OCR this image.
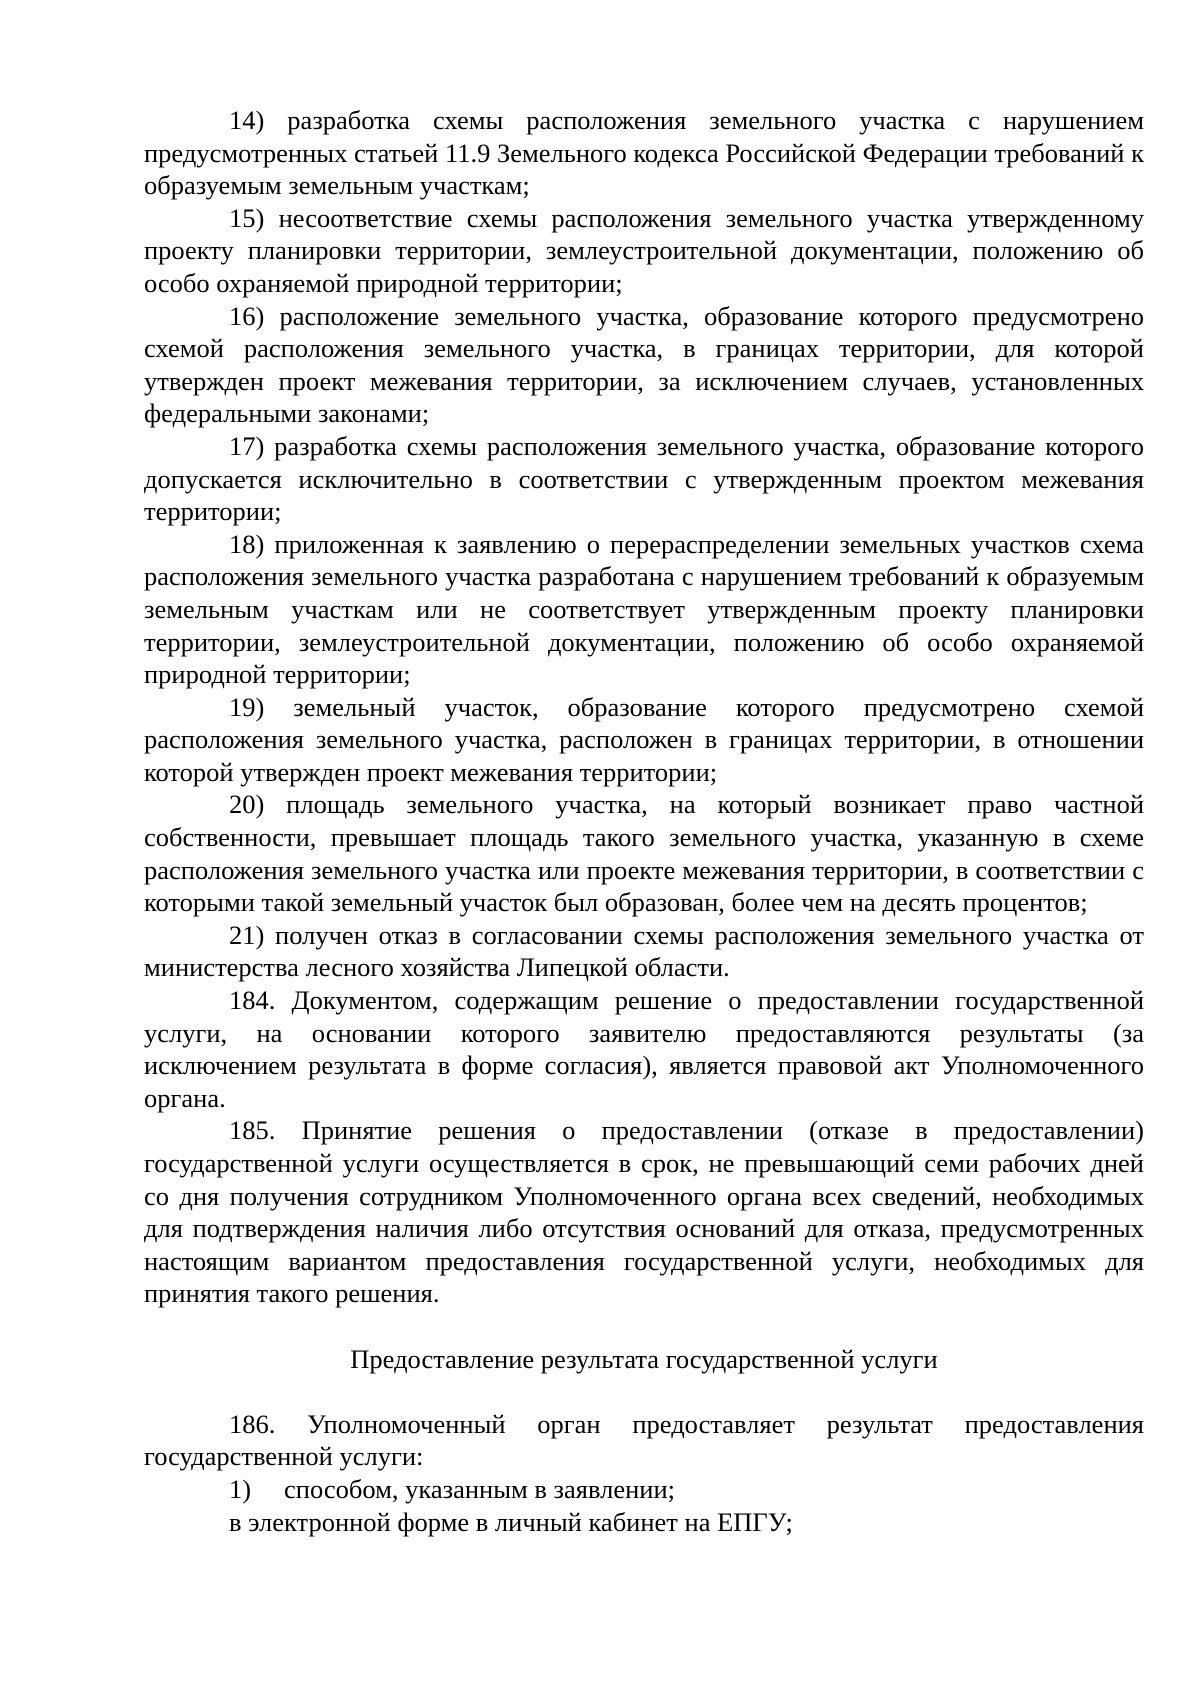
14) разработка схемы расположения земельного участка с нарушением предусмотренных статьей 11.9 Земельного кодекса Российской Федерации требований к образуемым земельным участкам;

15) несоответствие схемы расположения земельного участка утвержденному проекту планировки территории, землеустроительной документации, положению об особо охраняемой природной территории;

16) расположение земельного участка, образование которого предусмотрено схемой расположения земельного участка, в границах территории, для которой утвержден проект межевания территории, за исключением случаев, установленных федеральными законами;

17) разработка схемы расположения земельного участка, образование которого допускается исключительно в соответствии с утвержденным проектом межевания территории;

18) приложенная к заявлению о перераспределении земельных участков схема расположения земельного участка разработана с нарушением требований к образуемым земельным участкам или не соответствует утвержденным проекту планировки территории, землеустроительной документации, положению об особо охраняемой природной территории;

19) земельный участок, образование которого предусмотрено схемой расположения земельного участка, расположен в границах территории, в отношении которой утвержден проект межевания территории;

20) площадь земельного участка, на который возникает право частной собственности, превышает площадь такого земельного участка, указанную в схеме расположения земельного участка или проекте межевания территории, в соответствии с которыми такой земельный участок был образован, более чем на десять процентов;

21) получен отказ в согласовании схемы расположения земельного участка от министерства лесного хозяйства Липецкой области.

184. Документом, содержащим решение о предоставлении государственной услуги, на основании которого заявителю предоставляются результаты (за исключением результата в форме согласия), является правовой акт Уполномоченного органа.

185. Принятие решения о предоставлении (отказе в предоставлении) государственной услуги осуществляется в срок, не превышающий семи рабочих дней со дня получения сотрудником Уполномоченного органа всех сведений, необходимых для подтверждения наличия либо отсутствия оснований для отказа, предусмотренных настоящим вариантом предоставления государственной услуги, необходимых для принятия такого решения.

Предоставление результата государственной услуги

186. Уполномоченный орган предоставляет результат предоставления государственной услуги:

1) способом, указанным в заявлении;

в электронной форме в личный кабинет на ЕПГУ;
